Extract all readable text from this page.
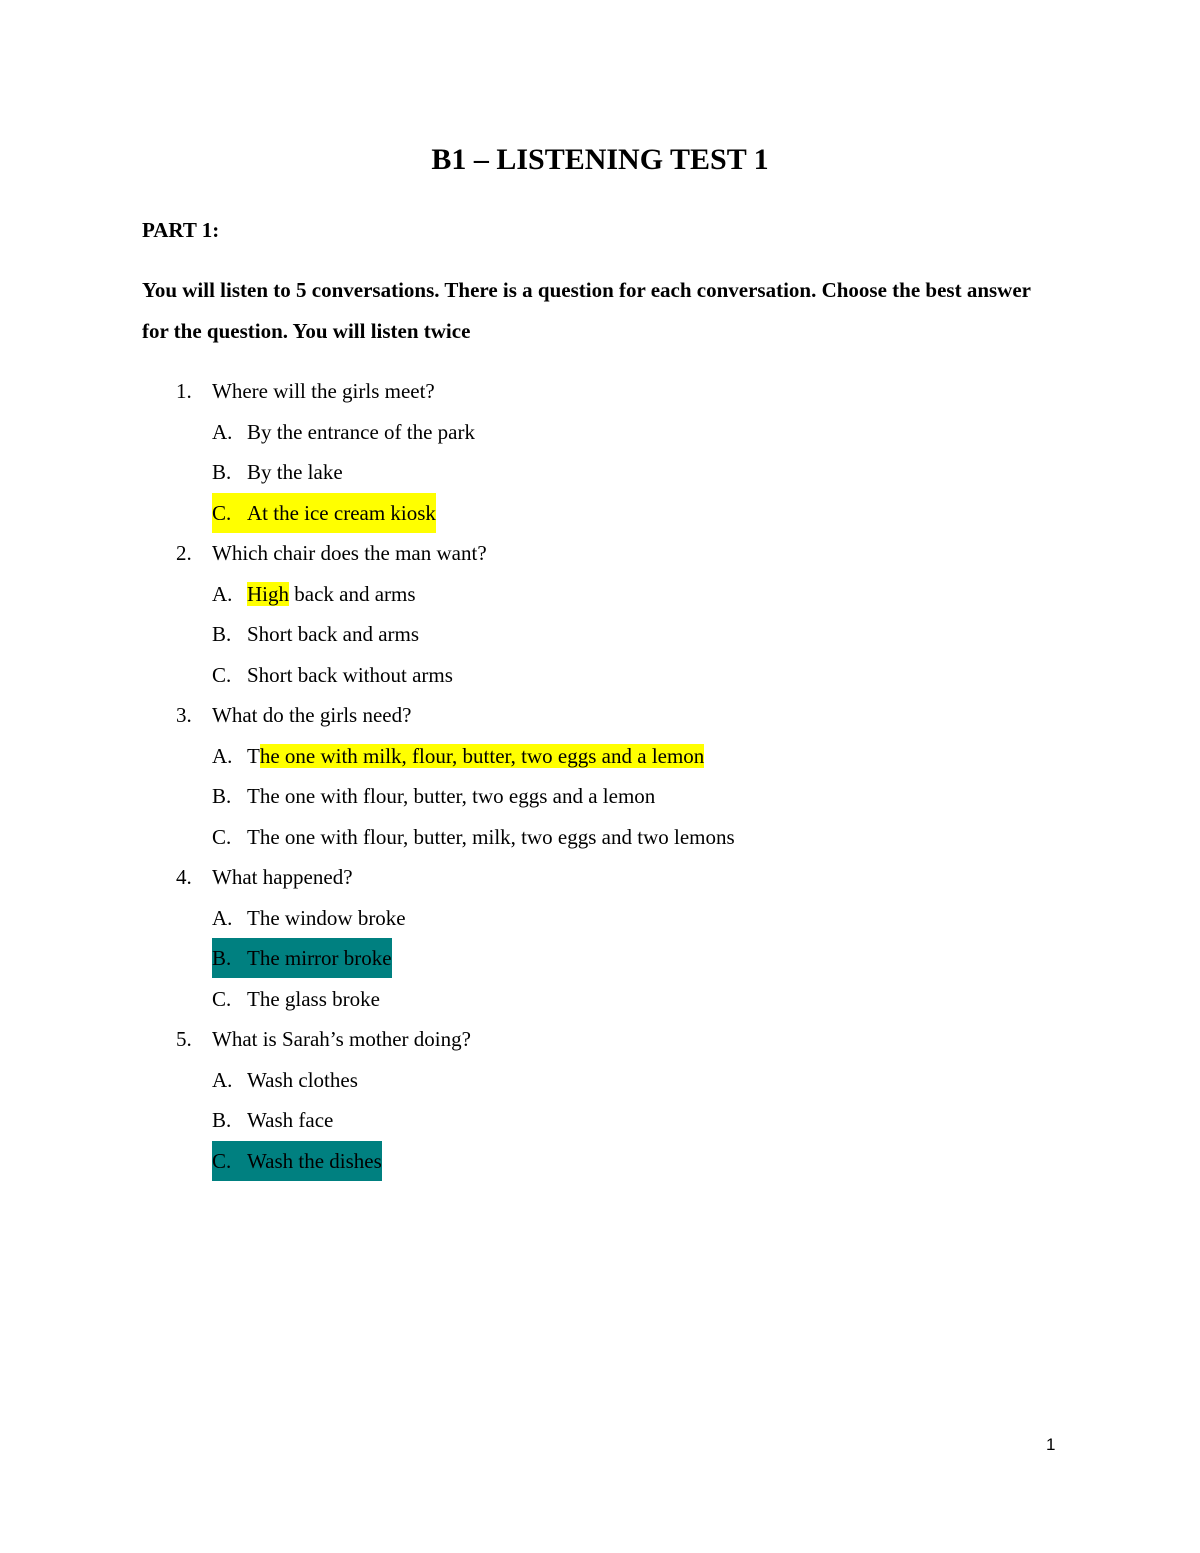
B1 – LISTENING TEST 1
PART 1:
You will listen to 5 conversations. There is a question for each conversation. Choose the best answer for the question. You will listen twice
1. Where will the girls meet?
A. By the entrance of the park
B. By the lake
C. At the ice cream kiosk
2. Which chair does the man want?
A. High back and arms
B. Short back and arms
C. Short back without arms
3. What do the girls need?
A. The one with milk, flour, butter, two eggs and a lemon
B. The one with flour, butter, two eggs and a lemon
C. The one with flour, butter, milk, two eggs and two lemons
4. What happened?
A. The window broke
B. The mirror broke
C. The glass broke
5. What is Sarah’s mother doing?
A. Wash clothes
B. Wash face
C. Wash the dishes
1
